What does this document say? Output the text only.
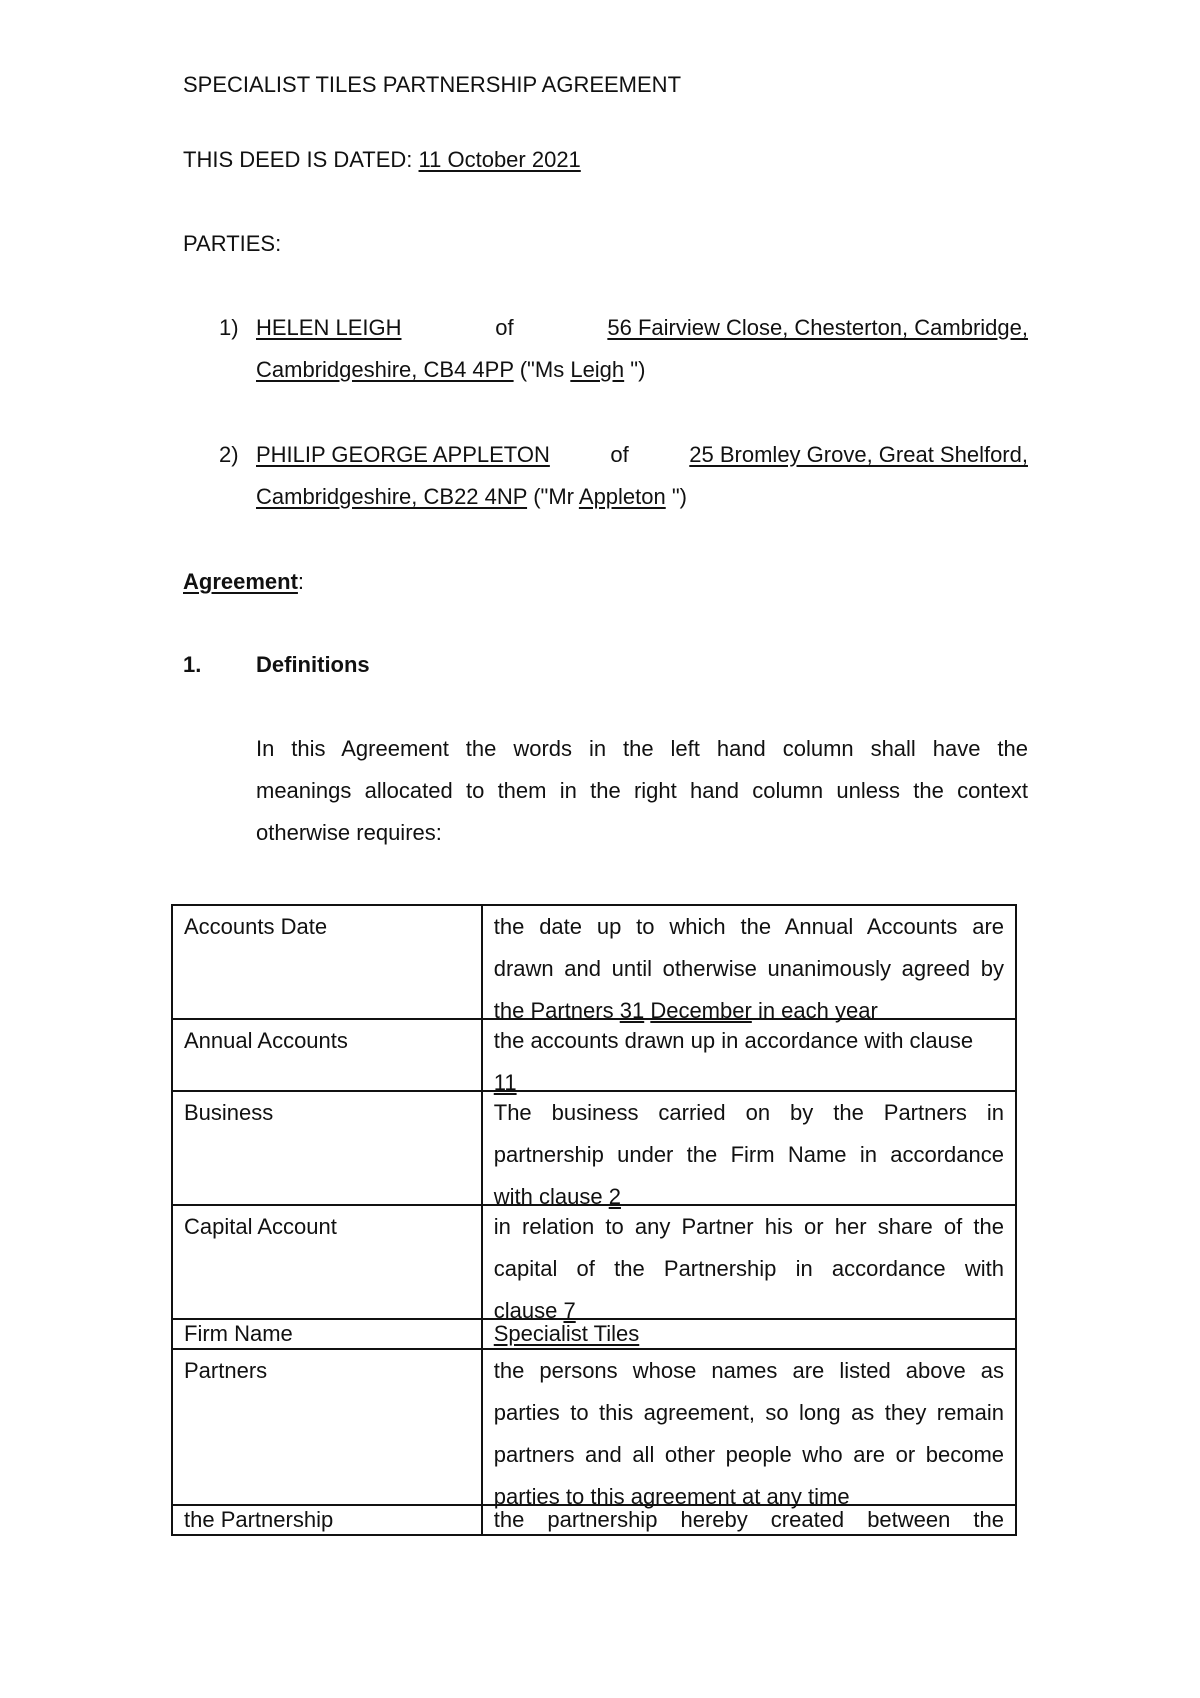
SPECIALIST TILES PARTNERSHIP AGREEMENT
THIS DEED IS DATED: 11 October 2021
PARTIES:
1) HELEN LEIGH	of	56 Fairview Close, Chesterton, Cambridge,
Cambridgeshire, CB4 4PP ("Ms Leigh ")
2) PHILIP GEORGE APPLETON	of	25 Bromley Grove, Great Shelford,
Cambridgeshire, CB22 4NP ("Mr Appleton ")
Agreement:
1. Definitions
In this Agreement the words in the left hand column shall have the
meanings allocated to them in the right hand column unless the context
otherwise requires:
Accounts Date	the date up to which the Annual Accounts are
drawn and until otherwise unanimously agreed by
the Partners 31 December in each year

Annual Accounts	the accounts drawn up in accordance with clause
11

Business	The business carried on by the Partners in
partnership under the Firm Name in accordance
with clause 2

Capital Account	in relation to any Partner his or her share of the
capital of the Partnership in accordance with
clause 7

Firm Name	Specialist Tiles
Partners	the persons whose names are listed above as
parties to this agreement, so long as they remain
partners and all other people who are or become
parties to this agreement at any time

the Partnership	the partnership hereby created between the
